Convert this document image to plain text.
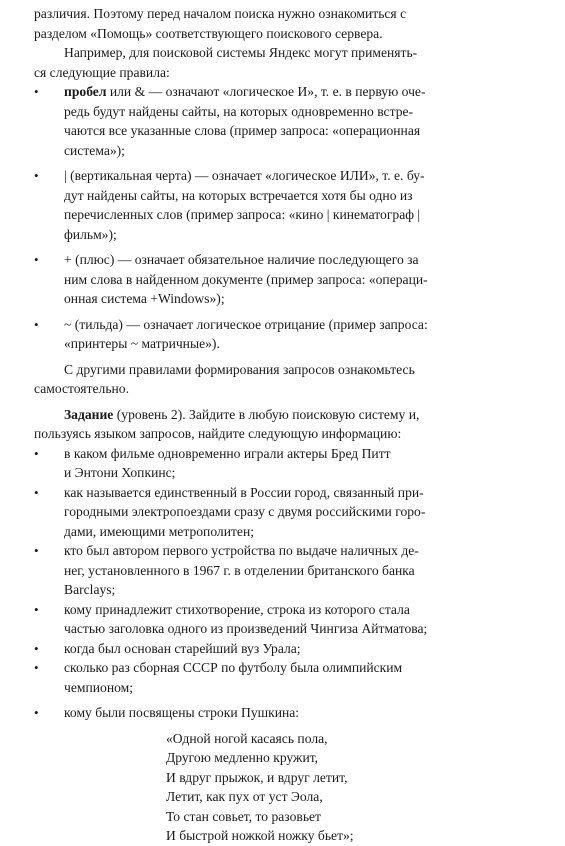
различия. Поэтому перед началом поиска нужно ознакомиться с
разделом «Помощь» соответствующего поискового сервера.
Например, для поисковой системы Яндекс могут применять-
ся следующие правила:
• пробел или & — означают «логическое И», т. е. в первую оче-
редь будут найдены сайты, на которых одновременно встре-
чаются все указанные слова (пример запроса: «операционная
система»);
• | (вертикальная черта) — означает «логическое ИЛИ», т. е. бу-
дут найдены сайты, на которых встречается хотя бы одно из
перечисленных слов (пример запроса: «кино | кинематограф |
фильм»);
• + (плюс) — означает обязательное наличие последующего за
ним слова в найденном документе (пример запроса: «операци-
онная система +Windows»);
• ~ (тильда) — означает логическое отрицание (пример запроса:
«принтеры ~ матричные»).
С другими правилами формирования запросов ознакомьтесь
самостоятельно.
Задание (уровень 2). Зайдите в любую поисковую систему и,
пользуясь языком запросов, найдите следующую информацию:
• в каком фильме одновременно играли актеры Бред Питт
и Энтони Хопкинс;
• как называется единственный в России город, связанный при-
городными электропоездами сразу с двумя российскими горо-
дами, имеющими метрополитен;
• кто был автором первого устройства по выдаче наличных де-
нег, установленного в 1967 г. в отделении британского банка
Barclays;
• кому принадлежит стихотворение, строка из которого стала
частью заголовка одного из произведений Чингиза Айтматова;
• когда был основан старейший вуз Урала;
• сколько раз сборная СССР по футболу была олимпийским
чемпионом;
• кому были посвящены строки Пушкина:
«Одной ногой касаясь пола,
Другою медленно кружит,
И вдруг прыжок, и вдруг летит,
Летит, как пух от уст Эола,
То стан совьет, то разовьет
И быстрой ножкой ножку бьет»;
